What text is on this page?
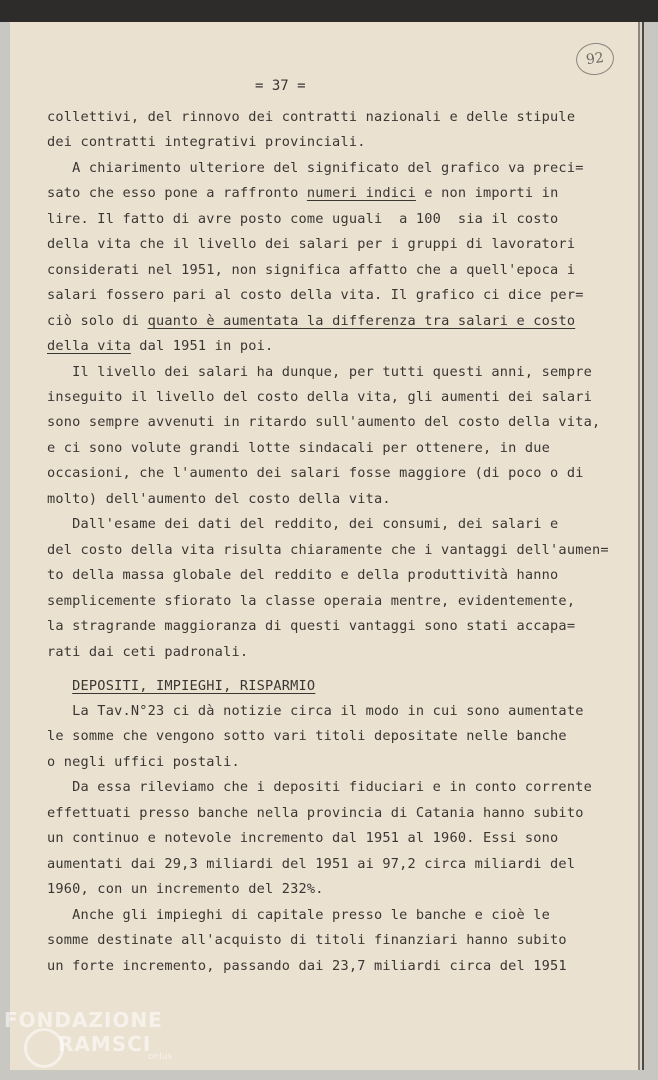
= 37 =
92
collettivi, del rinnovo dei contratti nazionali e delle stipule
dei contratti integrativi provinciali.
A chiarimento ulteriore del significato del grafico va preci=
sato che esso pone a raffronto numeri indici e non importi in
lire. Il fatto di avre posto come uguali  a 100  sia il costo
della vita che il livello dei salari per i gruppi di lavoratori
considerati nel 1951, non significa affatto che a quell'epoca i
salari fossero pari al costo della vita. Il grafico ci dice per=
ciò solo di quanto è aumentata la differenza tra salari e costo
della vita dal 1951 in poi.
Il livello dei salari ha dunque, per tutti questi anni, sempre
inseguito il livello del costo della vita, gli aumenti dei salari
sono sempre avvenuti in ritardo sull'aumento del costo della vita,
e ci sono volute grandi lotte sindacali per ottenere, in due
occasioni, che l'aumento dei salari fosse maggiore (di poco o di
molto) dell'aumento del costo della vita.
Dall'esame dei dati del reddito, dei consumi, dei salari e
del costo della vita risulta chiaramente che i vantaggi dell'aumen=
to della massa globale del reddito e della produttività hanno
semplicemente sfiorato la classe operaia mentre, evidentemente,
la stragrande maggioranza di questi vantaggi sono stati accapa=
rati dai ceti padronali.
DEPOSITI, IMPIEGHI, RISPARMIO
La Tav.N°23 ci dà notizie circa il modo in cui sono aumentate
le somme che vengono sotto vari titoli depositate nelle banche
o negli uffici postali.
Da essa rileviamo che i depositi fiduciari e in conto corrente
effettuati presso banche nella provincia di Catania hanno subito
un continuo e notevole incremento dal 1951 al 1960. Essi sono
aumentati dai 29,3 miliardi del 1951 ai 97,2 circa miliardi del
1960, con un incremento del 232%.
Anche gli impieghi di capitale presso le banche e cioè le
somme destinate all'acquisto di titoli finanziari hanno subito
un forte incremento, passando dai 23,7 miliardi circa del 1951
FONDAZIONE
RAMSCI
onlus
